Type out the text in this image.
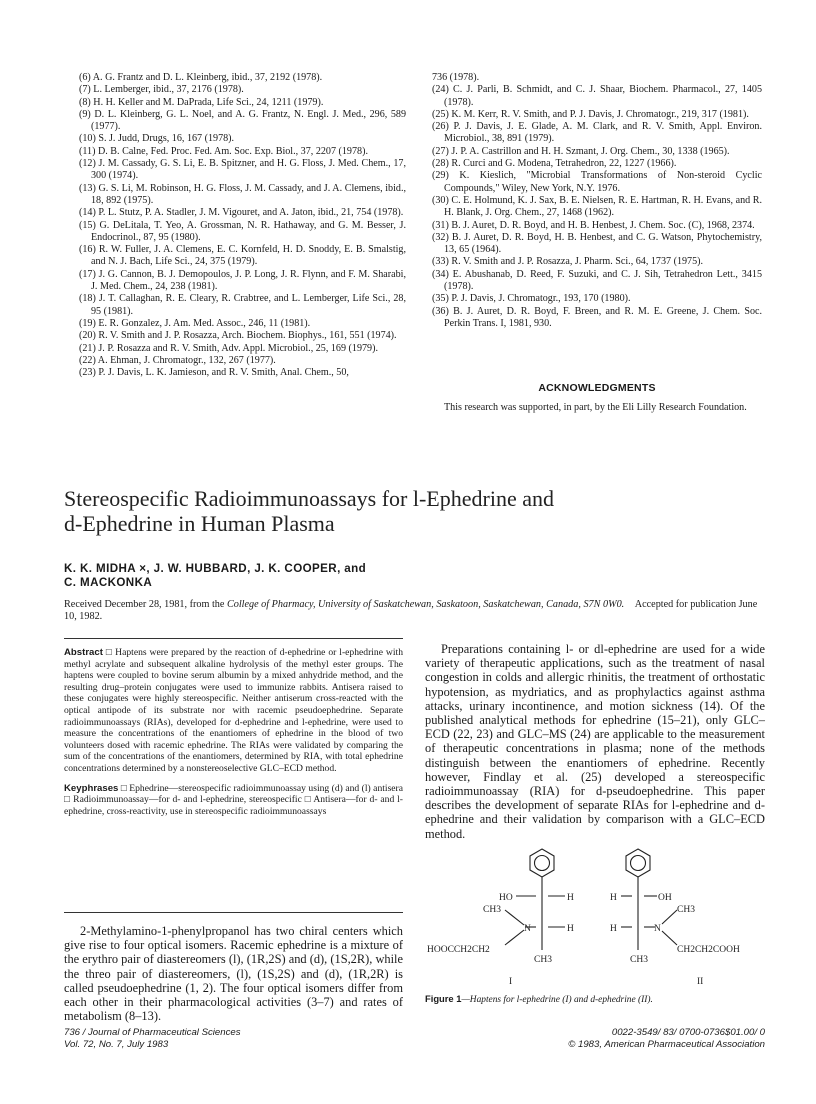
(6) A. G. Frantz and D. L. Kleinberg, ibid., 37, 2192 (1978).

(7) L. Lemberger, ibid., 37, 2176 (1978).

(8) H. H. Keller and M. DaPrada, Life Sci., 24, 1211 (1979).

(9) D. L. Kleinberg, G. L. Noel, and A. G. Frantz, N. Engl. J. Med., 296, 589 (1977).

(10) S. J. Judd, Drugs, 16, 167 (1978).

(11) D. B. Calne, Fed. Proc. Fed. Am. Soc. Exp. Biol., 37, 2207 (1978).

(12) J. M. Cassady, G. S. Li, E. B. Spitzner, and H. G. Floss, J. Med. Chem., 17, 300 (1974).

(13) G. S. Li, M. Robinson, H. G. Floss, J. M. Cassady, and J. A. Clemens, ibid., 18, 892 (1975).

(14) P. L. Stutz, P. A. Stadler, J. M. Vigouret, and A. Jaton, ibid., 21, 754 (1978).

(15) G. DeLitala, T. Yeo, A. Grossman, N. R. Hathaway, and G. M. Besser, J. Endocrinol., 87, 95 (1980).

(16) R. W. Fuller, J. A. Clemens, E. C. Kornfeld, H. D. Snoddy, E. B. Smalstig, and N. J. Bach, Life Sci., 24, 375 (1979).

(17) J. G. Cannon, B. J. Demopoulos, J. P. Long, J. R. Flynn, and F. M. Sharabi, J. Med. Chem., 24, 238 (1981).

(18) J. T. Callaghan, R. E. Cleary, R. Crabtree, and L. Lemberger, Life Sci., 28, 95 (1981).

(19) E. R. Gonzalez, J. Am. Med. Assoc., 246, 11 (1981).

(20) R. V. Smith and J. P. Rosazza, Arch. Biochem. Biophys., 161, 551 (1974).

(21) J. P. Rosazza and R. V. Smith, Adv. Appl. Microbiol., 25, 169 (1979).

(22) A. Ehman, J. Chromatogr., 132, 267 (1977).

(23) P. J. Davis, L. K. Jamieson, and R. V. Smith, Anal. Chem., 50,

736 (1978).

(24) C. J. Parli, B. Schmidt, and C. J. Shaar, Biochem. Pharmacol., 27, 1405 (1978).

(25) K. M. Kerr, R. V. Smith, and P. J. Davis, J. Chromatogr., 219, 317 (1981).

(26) P. J. Davis, J. E. Glade, A. M. Clark, and R. V. Smith, Appl. Environ. Microbiol., 38, 891 (1979).

(27) J. P. A. Castrillon and H. H. Szmant, J. Org. Chem., 30, 1338 (1965).

(28) R. Curci and G. Modena, Tetrahedron, 22, 1227 (1966).

(29) K. Kieslich, "Microbial Transformations of Non-steroid Cyclic Compounds," Wiley, New York, N.Y. 1976.

(30) C. E. Holmund, K. J. Sax, B. E. Nielsen, R. E. Hartman, R. H. Evans, and R. H. Blank, J. Org. Chem., 27, 1468 (1962).

(31) B. J. Auret, D. R. Boyd, and H. B. Henbest, J. Chem. Soc. (C), 1968, 2374.

(32) B. J. Auret, D. R. Boyd, H. B. Henbest, and C. G. Watson, Phytochemistry, 13, 65 (1964).

(33) R. V. Smith and J. P. Rosazza, J. Pharm. Sci., 64, 1737 (1975).

(34) E. Abushanab, D. Reed, F. Suzuki, and C. J. Sih, Tetrahedron Lett., 3415 (1978).

(35) P. J. Davis, J. Chromatogr., 193, 170 (1980).

(36) B. J. Auret, D. R. Boyd, F. Breen, and R. M. E. Greene, J. Chem. Soc. Perkin Trans. I, 1981, 930.

ACKNOWLEDGMENTS

This research was supported, in part, by the Eli Lilly Research Foundation.

Stereospecific Radioimmunoassays for l-Ephedrine and
d-Ephedrine in Human Plasma
K. K. MIDHA ×, J. W. HUBBARD, J. K. COOPER, and
C. MACKONKA
Received December 28, 1981, from the College of Pharmacy, University of Saskatchewan, Saskatoon, Saskatchewan, Canada, S7N 0W0. Accepted for publication June 10, 1982.

Abstract □ Haptens were prepared by the reaction of d-ephedrine or l-ephedrine with methyl acrylate and subsequent alkaline hydrolysis of the methyl ester groups. The haptens were coupled to bovine serum albumin by a mixed anhydride method, and the resulting drug–protein conjugates were used to immunize rabbits. Antisera raised to these conjugates were highly stereospecific. Neither antiserum cross-reacted with the optical antipode of its substrate nor with racemic pseudoephedrine. Separate radioimmunoassays (RIAs), developed for d-ephedrine and l-ephedrine, were used to measure the concentrations of the enantiomers of ephedrine in the blood of two volunteers dosed with racemic ephedrine. The RIAs were validated by comparing the sum of the concentrations of the enantiomers, determined by RIA, with total ephedrine concentrations determined by a nonstereoselective GLC–ECD method.

Keyphrases □ Ephedrine—stereospecific radioimmunoassay using (d) and (l) antisera □ Radioimmunoassay—for d- and l-ephedrine, stereospecific □ Antisera—for d- and l-ephedrine, cross-reactivity, use in stereospecific radioimmunoassays

2-Methylamino-1-phenylpropanol has two chiral centers which give rise to four optical isomers. Racemic ephedrine is a mixture of the erythro pair of diastereomers (l), (1R,2S) and (d), (1S,2R), while the threo pair of diastereomers, (l), (1S,2S) and (d), (1R,2R) is called pseudoephedrine (1, 2). The four optical isomers differ from each other in their pharmacological activities (3–7) and rates of metabolism (8–13).

Preparations containing l- or dl-ephedrine are used for a wide variety of therapeutic applications, such as the treatment of nasal congestion in colds and allergic rhinitis, the treatment of orthostatic hypotension, as mydriatics, and as prophylactics against asthma attacks, urinary incontinence, and motion sickness (14). Of the published analytical methods for ephedrine (15–21), only GLC–ECD (22, 23) and GLC–MS (24) are applicable to the measurement of therapeutic concentrations in plasma; none of the methods distinguish between the enantiomers of ephedrine. Recently however, Findlay et al. (25) developed a stereospecific radioimmunoassay (RIA) for d-pseudoephedrine. This paper describes the development of separate RIAs for l-ephedrine and d-ephedrine and their validation by comparison with a GLC–ECD method.

HO	H
CH3
N	H
HOOCCH2CH2
CH3
I
H	OH
CH3
H	N
CH2CH2COOH
CH3
II
Figure 1—Haptens for l-ephedrine (I) and d-ephedrine (II).
736 / Journal of Pharmaceutical Sciences
Vol. 72, No. 7, July 1983
0022-3549/ 83/ 0700-0736$01.00/ 0
© 1983, American Pharmaceutical Association
